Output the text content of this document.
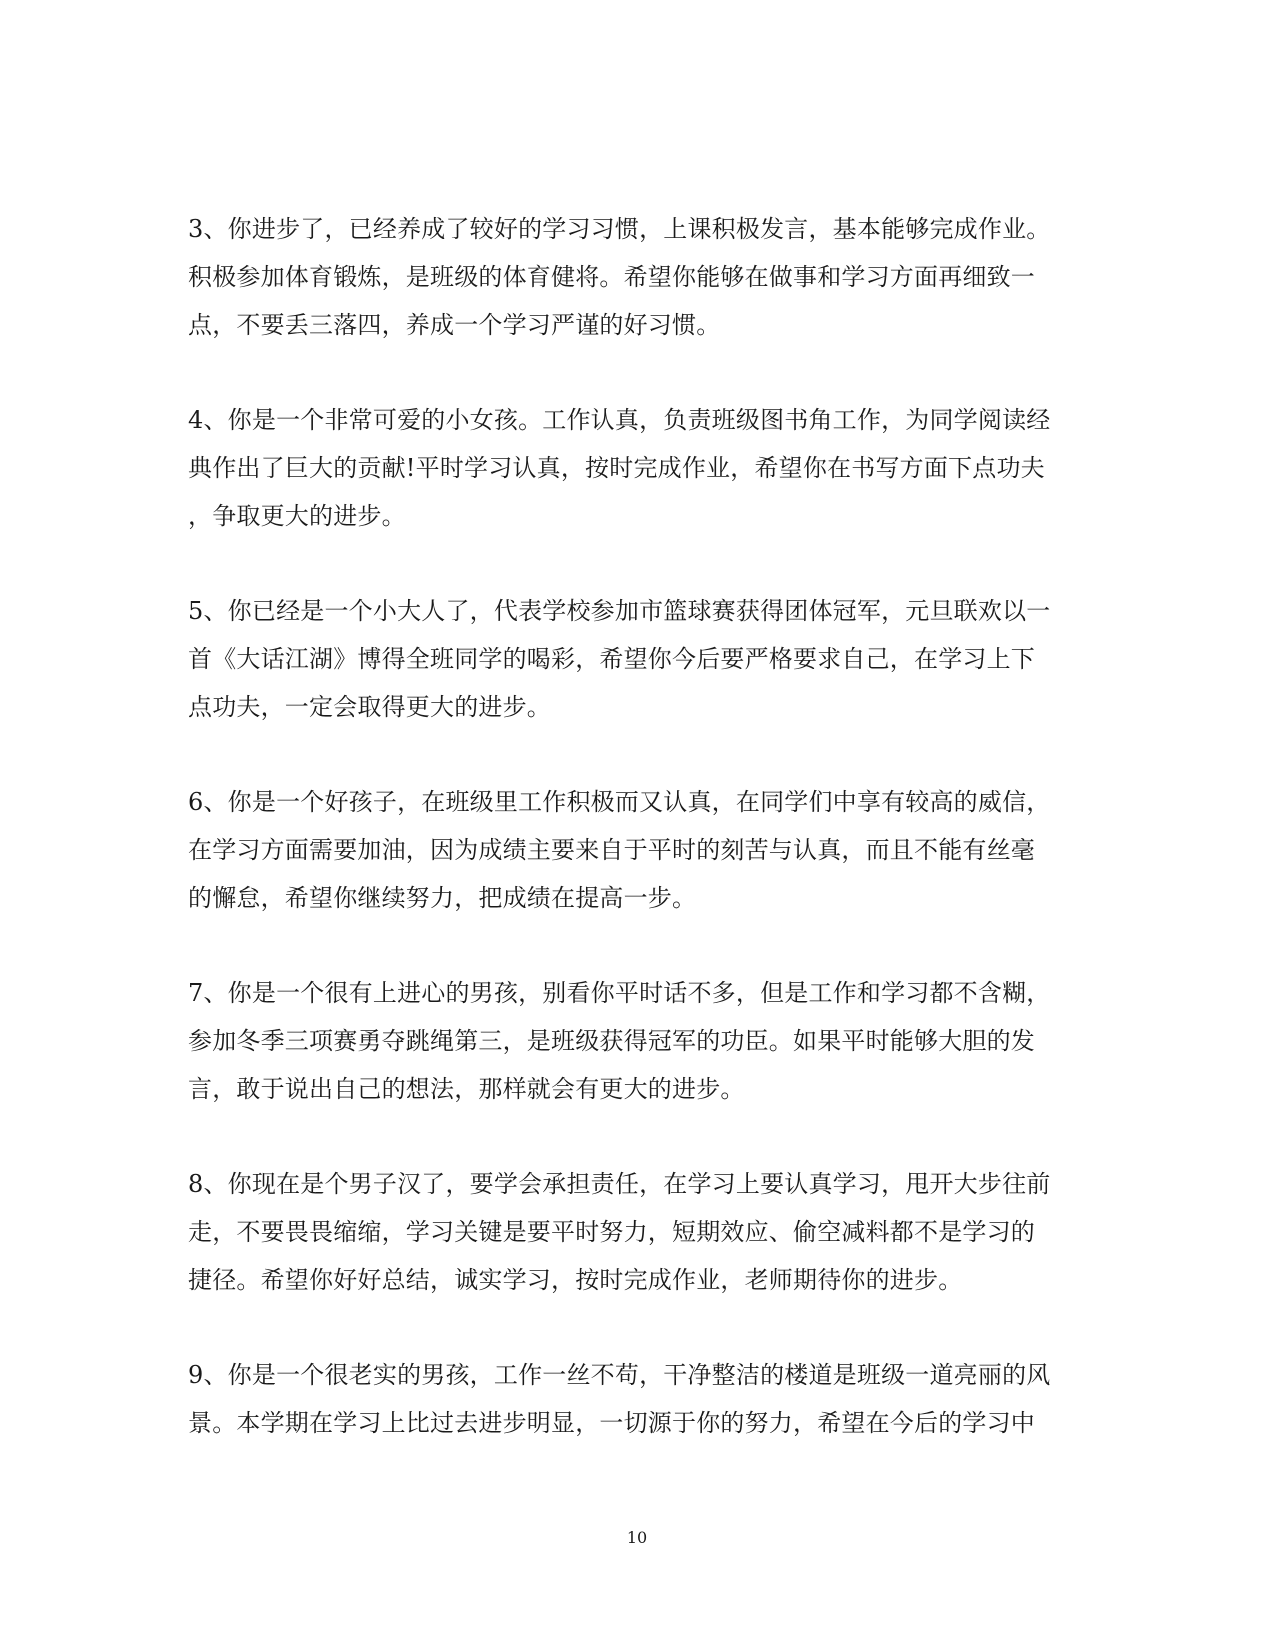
3、你进步了，已经养成了较好的学习习惯，上课积极发言，基本能够完成作业。
积极参加体育锻炼，是班级的体育健将。希望你能够在做事和学习方面再细致一
点，不要丢三落四，养成一个学习严谨的好习惯。
4、你是一个非常可爱的小女孩。工作认真，负责班级图书角工作，为同学阅读经
典作出了巨大的贡献!平时学习认真，按时完成作业，希望你在书写方面下点功夫
，争取更大的进步。
5、你已经是一个小大人了，代表学校参加市篮球赛获得团体冠军，元旦联欢以一
首《大话江湖》博得全班同学的喝彩，希望你今后要严格要求自己，在学习上下
点功夫，一定会取得更大的进步。
6、你是一个好孩子，在班级里工作积极而又认真，在同学们中享有较高的威信，
在学习方面需要加油，因为成绩主要来自于平时的刻苦与认真，而且不能有丝毫
的懈怠，希望你继续努力，把成绩在提高一步。
7、你是一个很有上进心的男孩，别看你平时话不多，但是工作和学习都不含糊，
参加冬季三项赛勇夺跳绳第三，是班级获得冠军的功臣。如果平时能够大胆的发
言，敢于说出自己的想法，那样就会有更大的进步。
8、你现在是个男子汉了，要学会承担责任，在学习上要认真学习，甩开大步往前
走，不要畏畏缩缩，学习关键是要平时努力，短期效应、偷空减料都不是学习的
捷径。希望你好好总结，诚实学习，按时完成作业，老师期待你的进步。
9、你是一个很老实的男孩，工作一丝不苟，干净整洁的楼道是班级一道亮丽的风
景。本学期在学习上比过去进步明显，一切源于你的努力，希望在今后的学习中
10
